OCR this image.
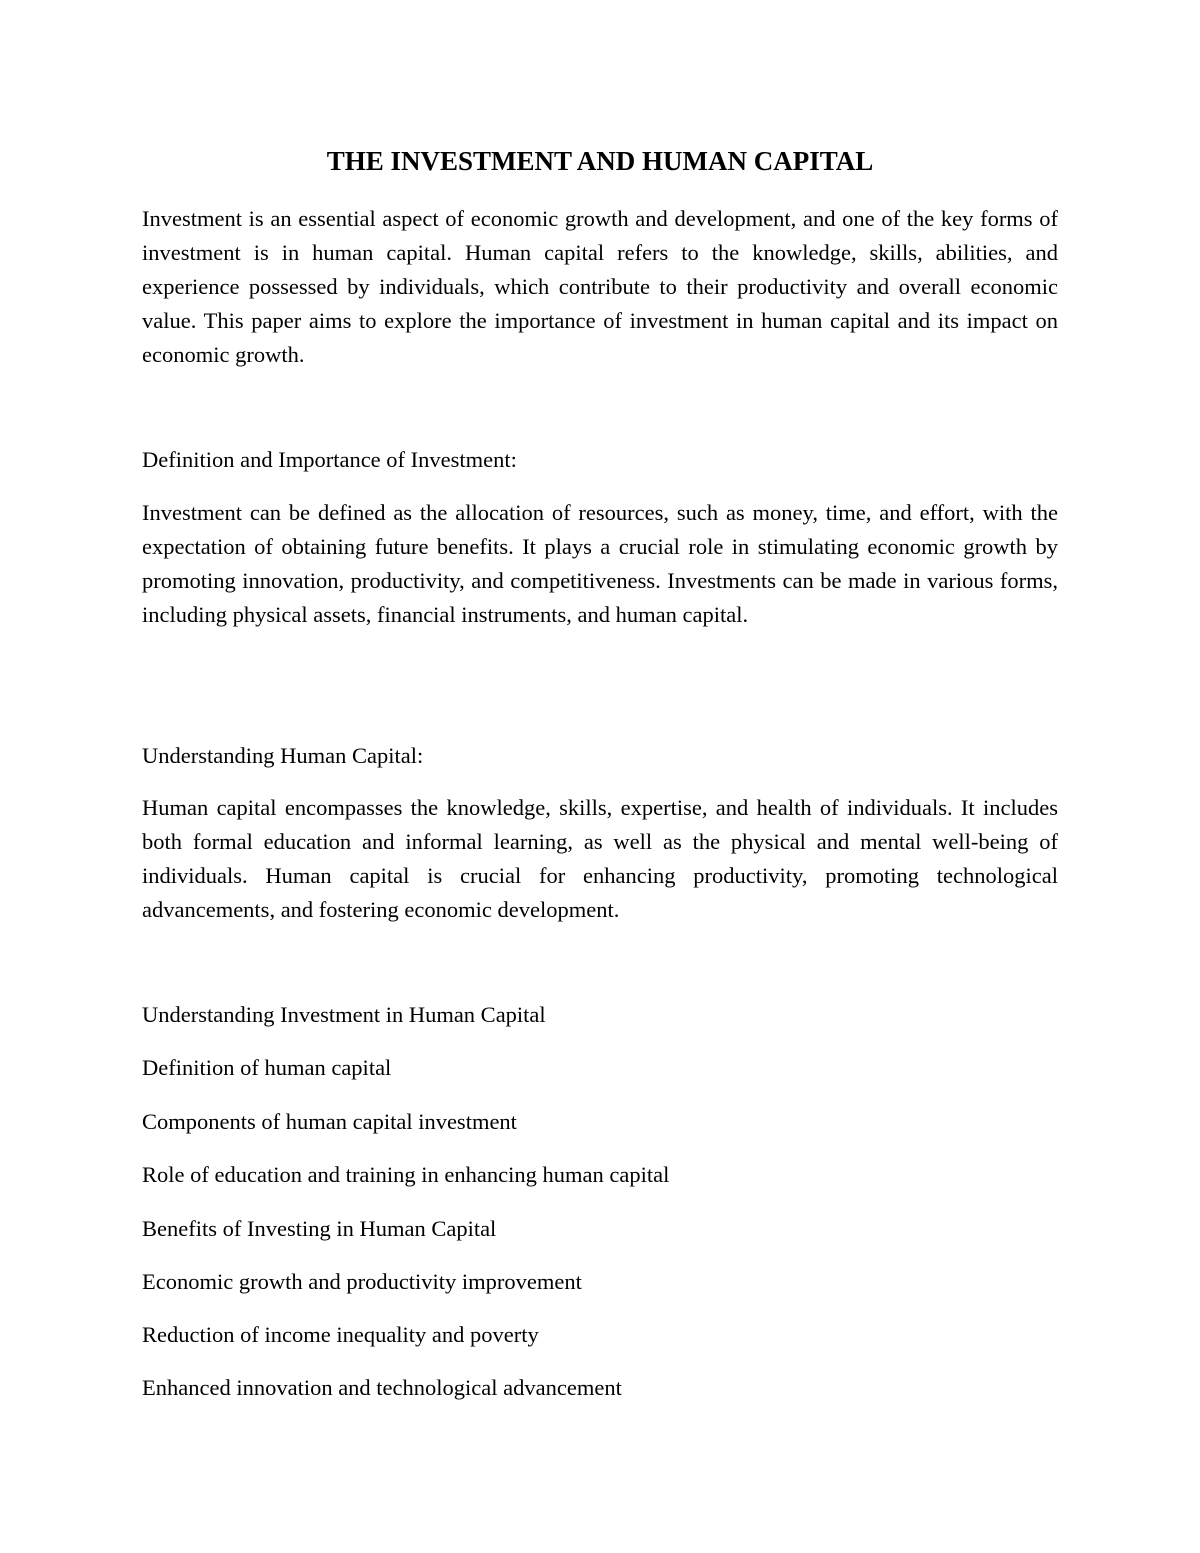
THE INVESTMENT AND HUMAN CAPITAL

Investment is an essential aspect of economic growth and development, and one of the key forms of investment is in human capital. Human capital refers to the knowledge, skills, abilities, and experience possessed by individuals, which contribute to their productivity and overall economic value. This paper aims to explore the importance of investment in human capital and its impact on economic growth.

Definition and Importance of Investment:

Investment can be defined as the allocation of resources, such as money, time, and effort, with the expectation of obtaining future benefits. It plays a crucial role in stimulating economic growth by promoting innovation, productivity, and competitiveness. Investments can be made in various forms, including physical assets, financial instruments, and human capital.

Understanding Human Capital:

Human capital encompasses the knowledge, skills, expertise, and health of individuals. It includes both formal education and informal learning, as well as the physical and mental well-being of individuals. Human capital is crucial for enhancing productivity, promoting technological advancements, and fostering economic development.

Understanding Investment in Human Capital

Definition of human capital

Components of human capital investment

Role of education and training in enhancing human capital

Benefits of Investing in Human Capital

Economic growth and productivity improvement

Reduction of income inequality and poverty

Enhanced innovation and technological advancement
